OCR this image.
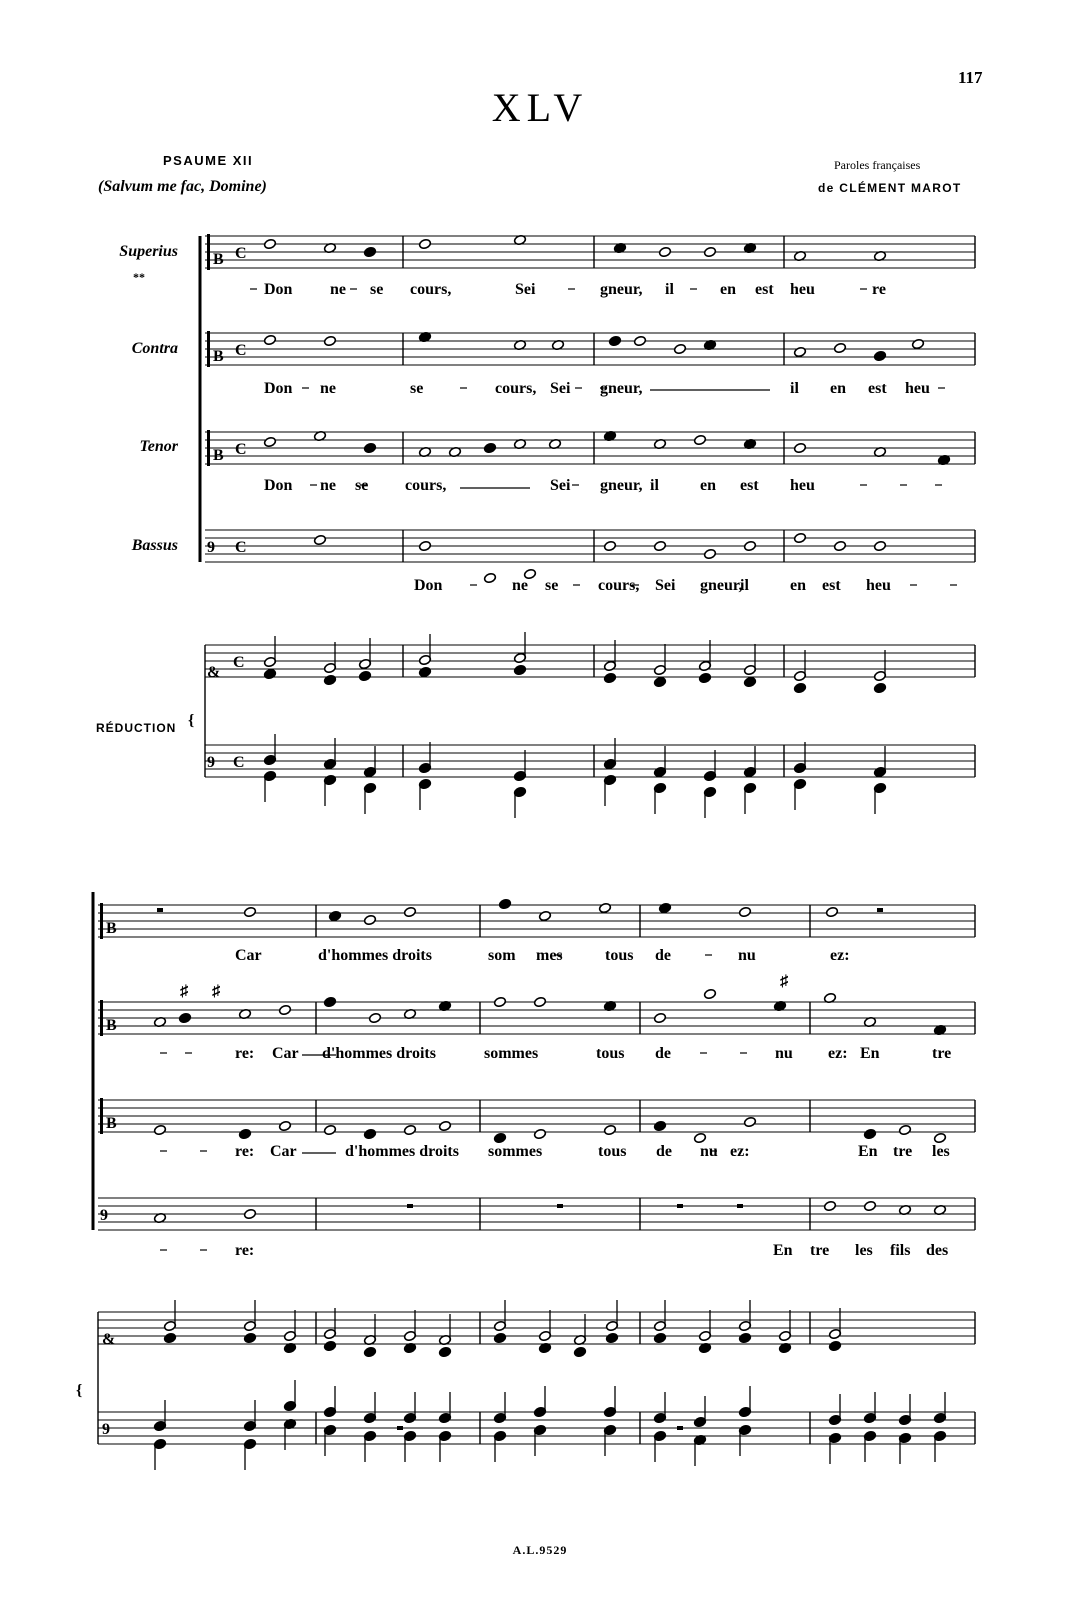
117
XLV
PSAUME XII
(Salvum me fac, Domine)
Paroles françaises
de CLÉMENT MAROT
Superius
**
Contra
Tenor
Bassus
RÉDUCTION
A.L.9529
B C
B C
B C
9 C
&
9
C
C
{
Don ne se cours,	Sei	gneur, il	en est heu	re
Don ne	se	cours, Sei gneur,	il en est heu
Don ne se cours,	Sei gneur, il	en est heu
Don	ne se cours, Sei gneur,
il	en est heu
B
B
B
9
&
9
{
♯ ♯
♯
Car	d'hommes droits	som mes	tous de	nu	ez:
re: Car d'hommes droits	sommes	tous de	nu ez: En	tre
re: Car	d'hommes droits sommes	tous de nu ez:	En tre les
re:	En tre les fils des
